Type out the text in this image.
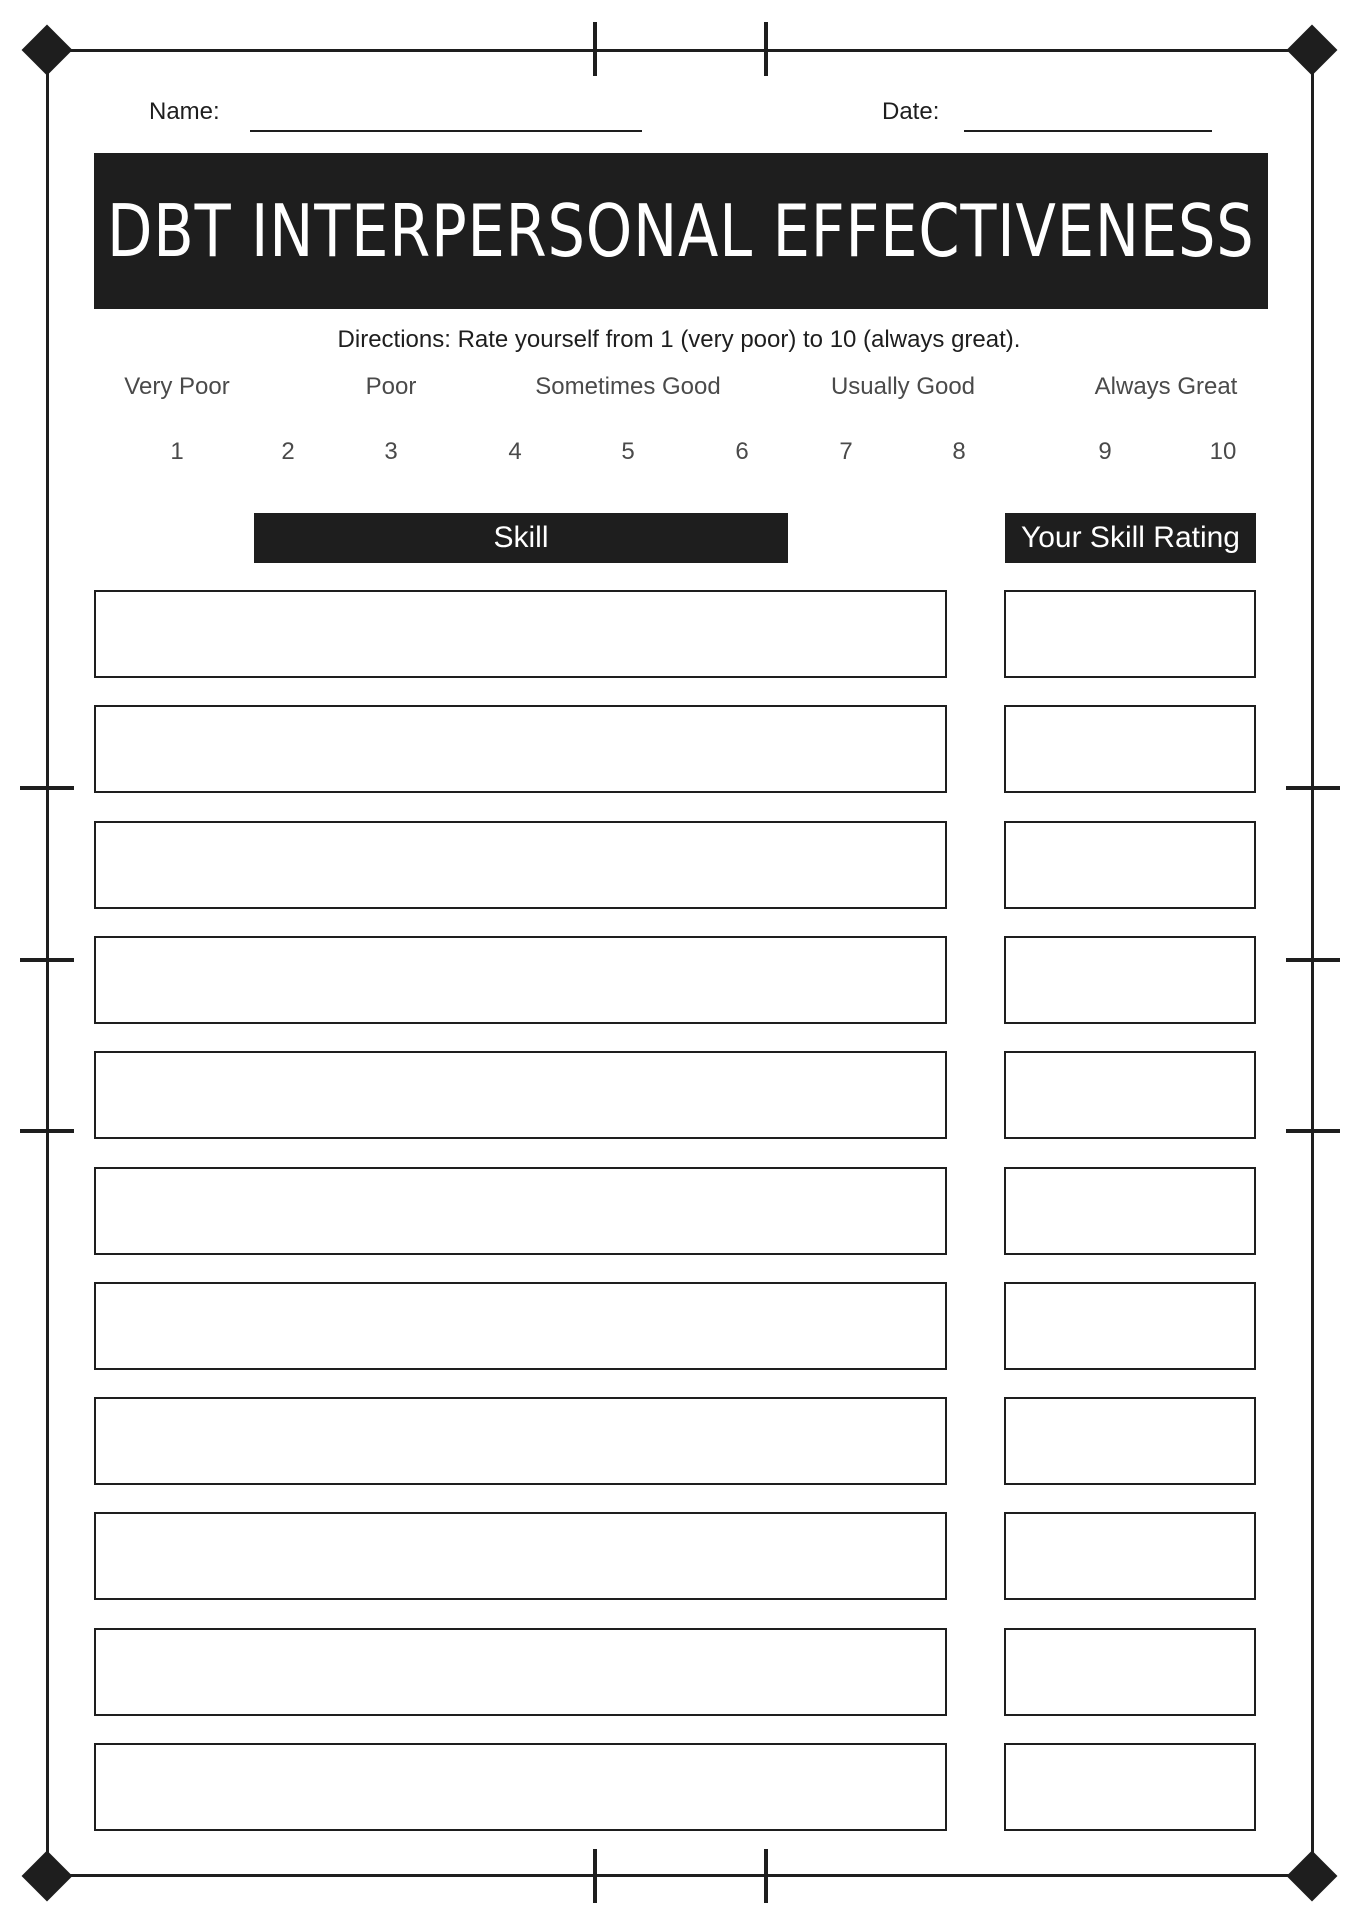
Name:	Date:
DBT INTERPERSONAL EFFECTIVENESS
Directions: Rate yourself from 1 (very poor) to 10 (always great).
Very Poor	Poor	Sometimes Good	Usually Good	Always Great
1	2	3	4	5	6	7	8	9	10
Skill	Your Skill Rating
